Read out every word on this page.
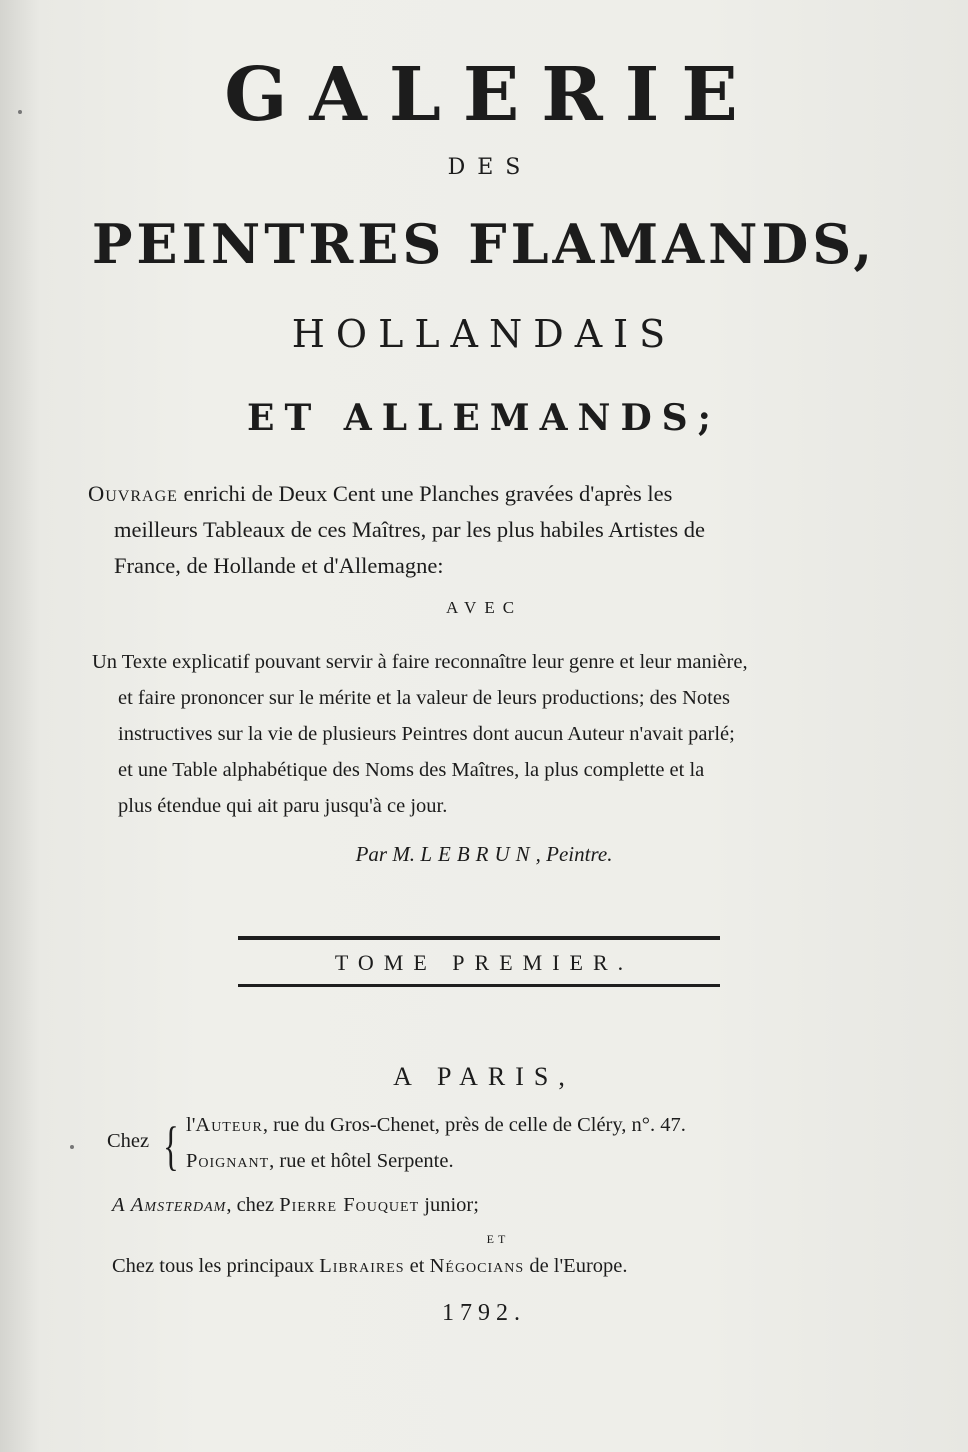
GALERIE
DES
PEINTRES FLAMANDS,
HOLLANDAIS
ET ALLEMANDS;
Ouvrage enrichi de Deux Cent une Planches gravées d'après les
meilleurs Tableaux de ces Maîtres, par les plus habiles Artistes de
France, de Hollande et d'Allemagne:
AVEC
Un Texte explicatif pouvant servir à faire reconnaître leur genre et leur manière,
et faire prononcer sur le mérite et la valeur de leurs productions; des Notes
instructives sur la vie de plusieurs Peintres dont aucun Auteur n'avait parlé;
et une Table alphabétique des Noms des Maîtres, la plus complette et la
plus étendue qui ait paru jusqu'à ce jour.
Par M. LEBRUN, Peintre.
TOME PREMIER.
A PARIS,
Chez { l'Auteur, rue du Gros-Chenet, près de celle de Cléry, n°. 47.
Poignant, rue et hôtel Serpente.
A Amsterdam, chez Pierre Fouquet junior;
ET
Chez tous les principaux Libraires et Négocians de l'Europe.
1792.
